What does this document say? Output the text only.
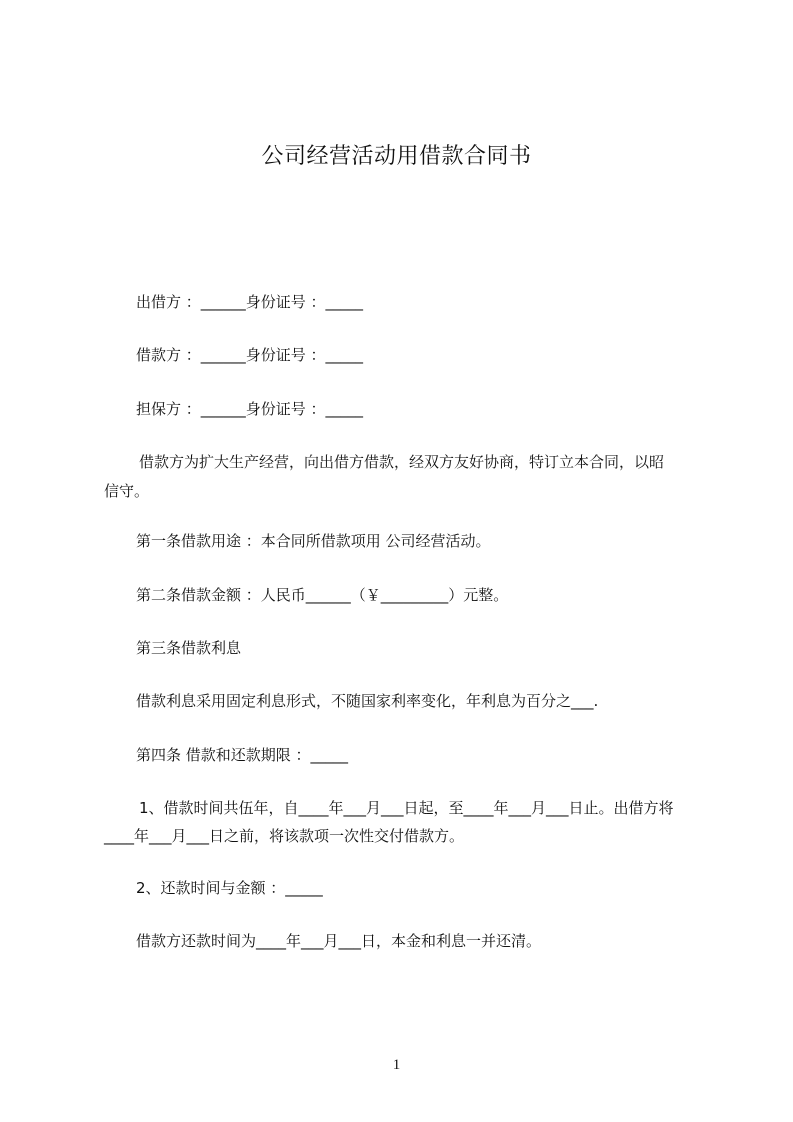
公司经营活动用借款合同书
出借方 ：______身份证号 ：_____
借款方 ：______身份证号 ：_____
担保方 ：______身份证号 ：_____
借款方为扩大生产经营，向出借方借款，经双方友好协商，特订立本合同，以昭
信守。
第一条借款用途 ：本合同所借款项用 公司经营活动。
第二条借款金额 ：人民币______（￥_________）元整。
第三条借款利息
借款利息采用固定利息形式，不随国家利率变化，年利息为百分之___.
第四条 借款和还款期限 ：_____
1、借款时间共伍年，自____年___月___日起，至____年___月___日止。出借方将
____年___月___日之前，将该款项一次性交付借款方。
2、还款时间与金额 ：_____
借款方还款时间为____年___月___日，本金和利息一并还清。
1
